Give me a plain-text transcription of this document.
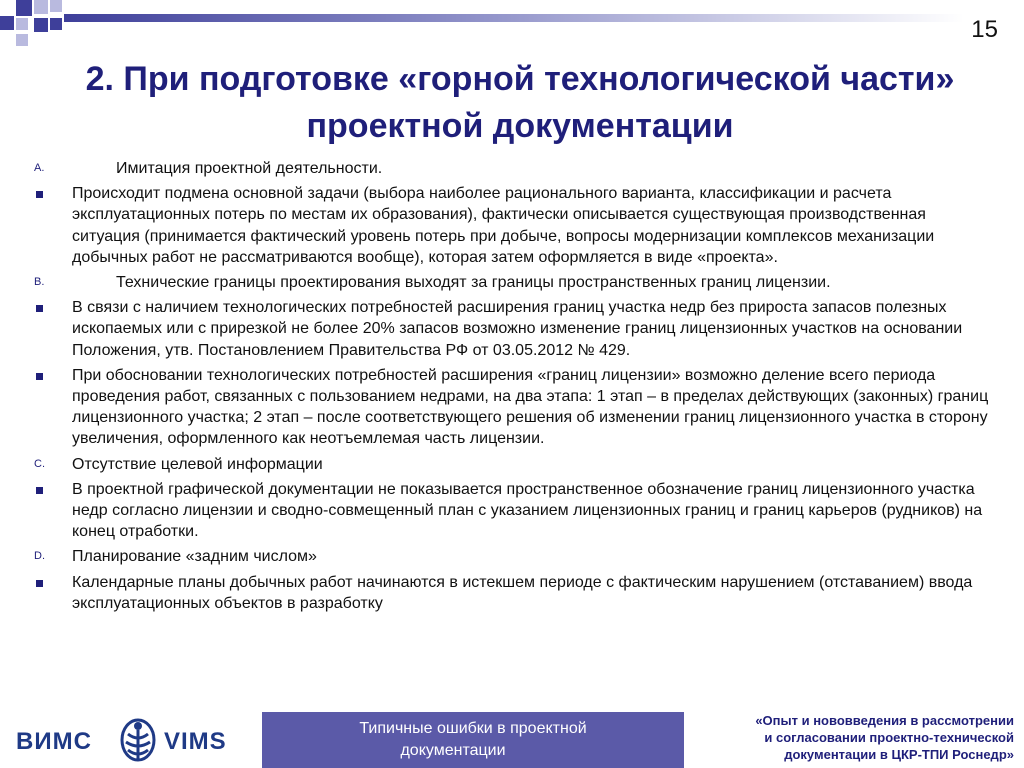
15
2. При подготовке «горной технологической части» проектной документации
A.	Имитация проектной деятельности.
Происходит подмена основной задачи (выбора наиболее рационального варианта, классификации и расчета эксплуатационных потерь по местам их образования), фактически описывается существующая производственная ситуация (принимается фактический уровень потерь при добыче, вопросы модернизации комплексов механизации добычных работ не рассматриваются вообще), которая затем оформляется в виде «проекта».
B.	Технические границы проектирования выходят за границы пространственных границ лицензии.
В связи с наличием технологических потребностей расширения границ участка недр без прироста запасов полезных ископаемых или с прирезкой не более 20% запасов возможно изменение границ лицензионных участков на основании Положения, утв. Постановлением Правительства РФ от 03.05.2012 № 429.
При обосновании технологических потребностей расширения «границ лицензии» возможно деление всего периода проведения работ, связанных с пользованием недрами, на два этапа: 1 этап – в пределах действующих (законных) границ лицензионного участка; 2 этап – после соответствующего решения об изменении границ лицензионного участка в сторону увеличения, оформленного как неотъемлемая часть лицензии.
C. Отсутствие целевой информации
В проектной графической документации не показывается пространственное обозначение границ лицензионного участка недр согласно лицензии и сводно-совмещенный план с указанием лицензионных границ и границ карьеров (рудников) на конец отработки.
D. Планирование «задним числом»
Календарные планы добычных работ начинаются в истекшем периоде с фактическим нарушением (отставанием) ввода эксплуатационных объектов в разработку
ВИМС	VIMS	Типичные ошибки в проектной
документации
«Опыт и нововведения в рассмотрении
и согласовании проектно-технической
документации в ЦКР-ТПИ Роснедр»
